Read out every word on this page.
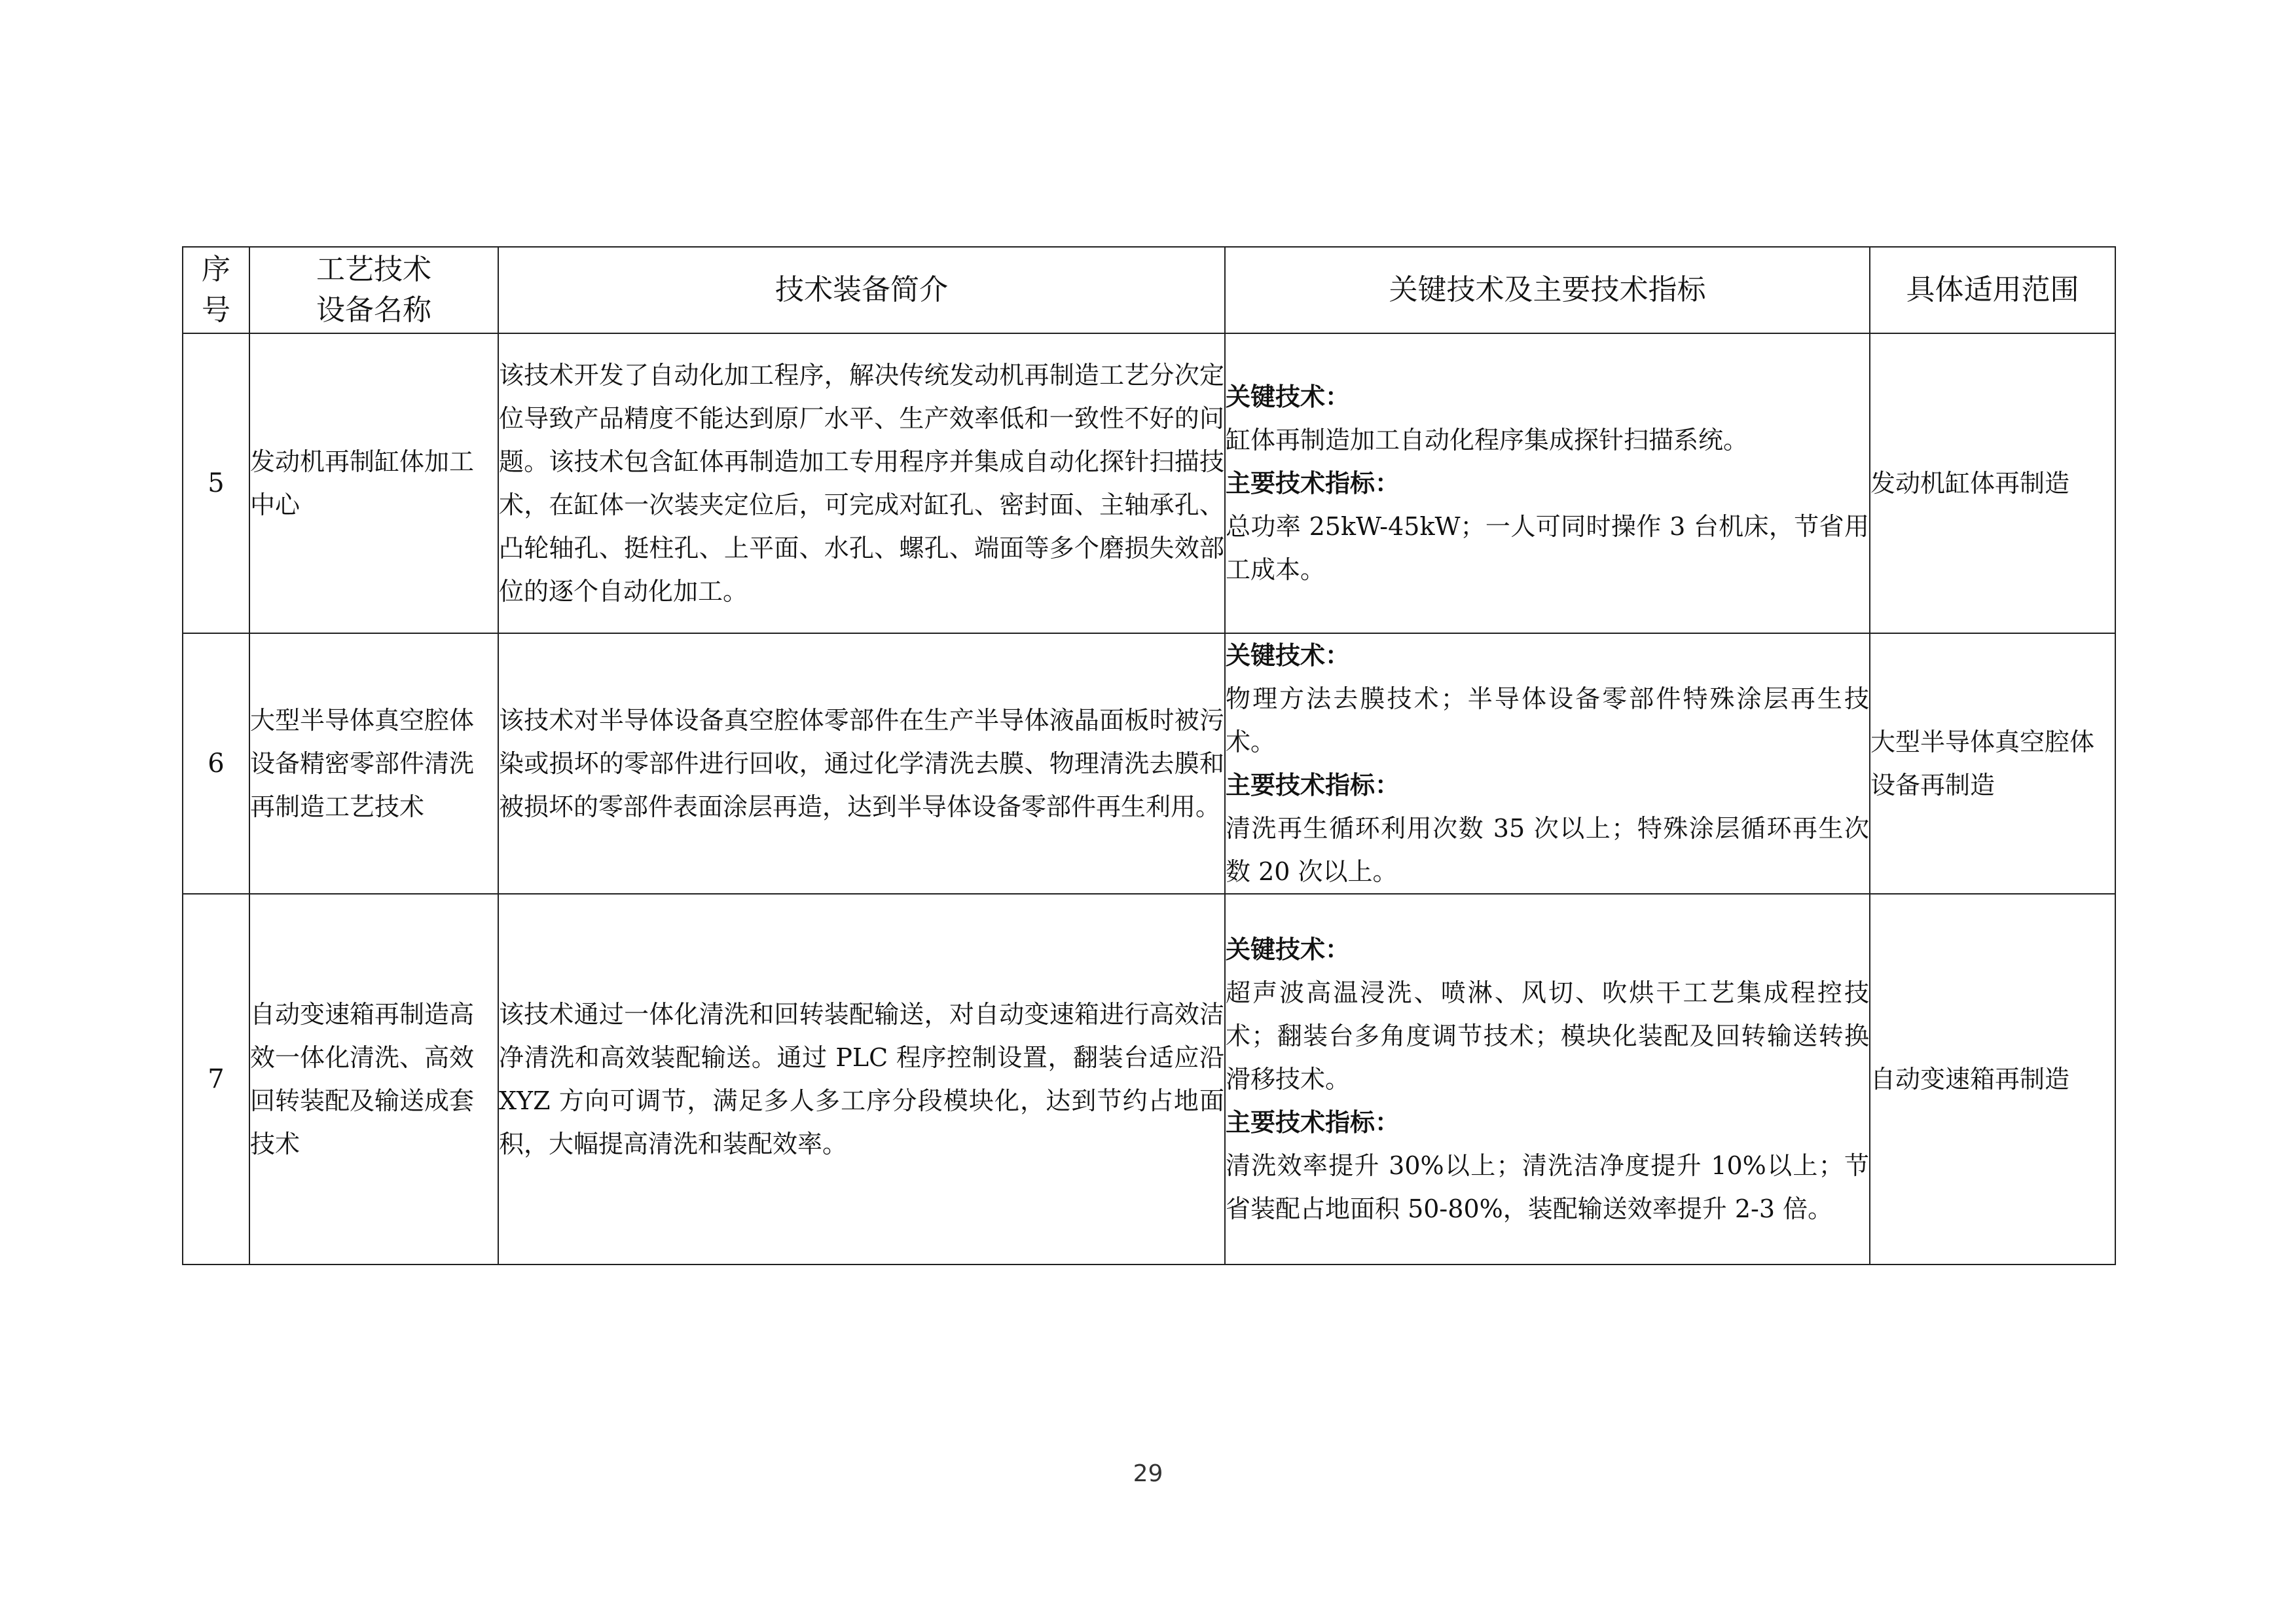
序
号	工艺技术
设备名称	技术装备简介	关键技术及主要技术指标	具体适用范围
5	发动机再制缸体加工中心	该技术开发了自动化加工程序，解决传统发动机再制造工艺分次定位导致产品精度不能达到原厂水平、生产效率低和一致性不好的问题。该技术包含缸体再制造加工专用程序并集成自动化探针扫描技术，在缸体一次装夹定位后，可完成对缸孔、密封面、主轴承孔、凸轮轴孔、挺柱孔、上平面、水孔、螺孔、端面等多个磨损失效部位的逐个自动化加工。	关键技术：
缸体再制造加工自动化程序集成探针扫描系统。
主要技术指标：
总功率 25kW-45kW；一人可同时操作 3 台机床，节省用工成本。	发动机缸体再制造
6	大型半导体真空腔体设备精密零部件清洗再制造工艺技术	该技术对半导体设备真空腔体零部件在生产半导体液晶面板时被污染或损坏的零部件进行回收，通过化学清洗去膜、物理清洗去膜和被损坏的零部件表面涂层再造，达到半导体设备零部件再生利用。	关键技术：
物理方法去膜技术；半导体设备零部件特殊涂层再生技术。
主要技术指标：
清洗再生循环利用次数 35 次以上；特殊涂层循环再生次数 20 次以上。	大型半导体真空腔体设备再制造
7	自动变速箱再制造高效一体化清洗、高效回转装配及输送成套技术	该技术通过一体化清洗和回转装配输送，对自动变速箱进行高效洁净清洗和高效装配输送。通过 PLC 程序控制设置，翻装台适应沿 XYZ 方向可调节，满足多人多工序分段模块化，达到节约占地面积，大幅提高清洗和装配效率。	关键技术：
超声波高温浸洗、喷淋、风切、吹烘干工艺集成程控技术；翻装台多角度调节技术；模块化装配及回转输送转换滑移技术。
主要技术指标：
清洗效率提升 30%以上；清洗洁净度提升 10%以上；节省装配占地面积 50-80%，装配输送效率提升 2-3 倍。	自动变速箱再制造
29
